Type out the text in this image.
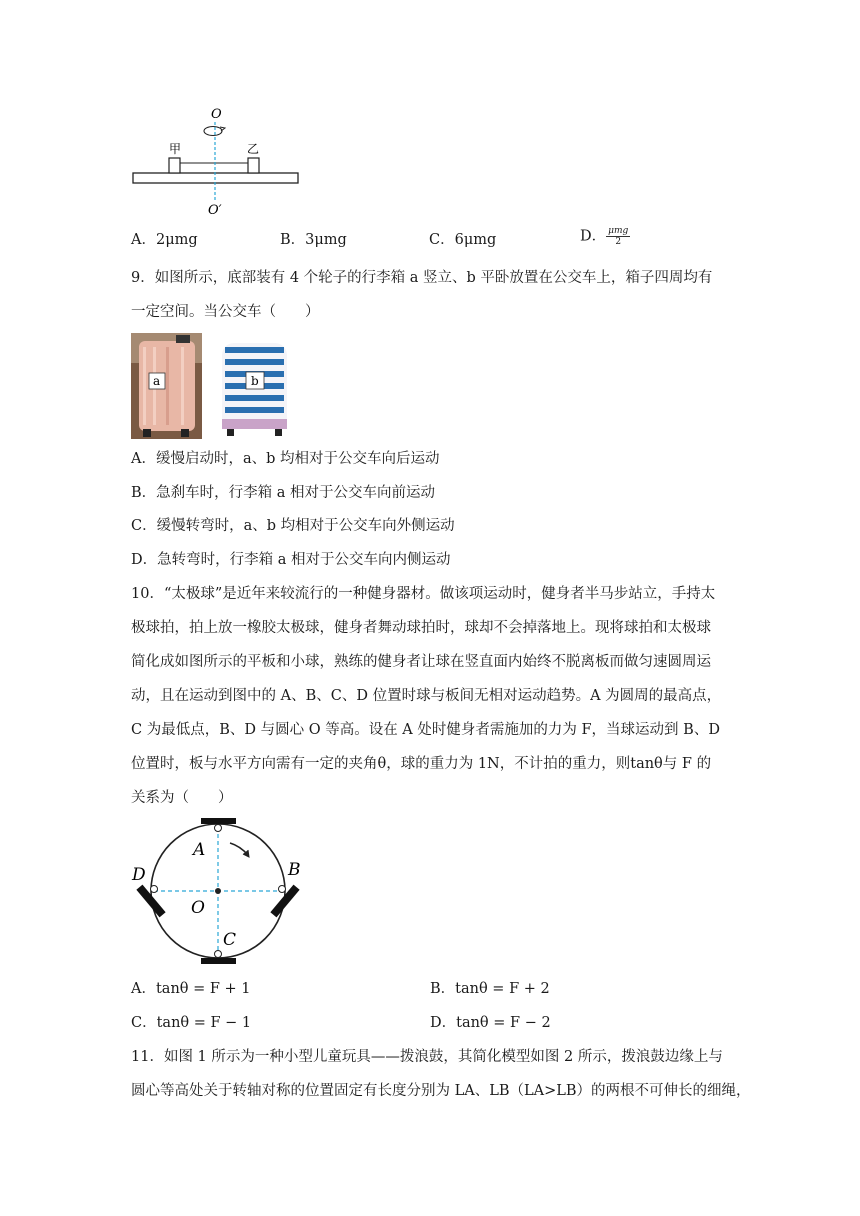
O
O′
甲	乙
A．2μmg	B．3μmg	C．6μmg	D． $\frac{\text{μmg}}{2}$
9．如图所示，底部装有 4 个轮子的行李箱 a 竖立、b 平卧放置在公交车上，箱子四周均有
一定空间。当公交车（　　）
a	b
A．缓慢启动时，a、b 均相对于公交车向后运动
B．急刹车时，行李箱 a 相对于公交车向前运动
C．缓慢转弯时，a、b 均相对于公交车向外侧运动
D．急转弯时，行李箱 a 相对于公交车向内侧运动
10．“太极球”是近年来较流行的一种健身器材。做该项运动时，健身者半马步站立，手持太
极球拍，拍上放一橡胶太极球，健身者舞动球拍时，球却不会掉落地上。现将球拍和太极球
简化成如图所示的平板和小球，熟练的健身者让球在竖直面内始终不脱离板而做匀速圆周运
动，且在运动到图中的 A、B、C、D 位置时球与板间无相对运动趋势。A 为圆周的最高点，
C 为最低点，B、D 与圆心 O 等高。设在 A 处时健身者需施加的力为 F，当球运动到 B、D
位置时，板与水平方向需有一定的夹角θ，球的重力为 1N，不计拍的重力，则tanθ与 F 的
关系为（　　）
A
B
C
D
O
A．tanθ = F + 1	B．tanθ = F + 2
C．tanθ = F − 1	D．tanθ = F − 2
11．如图 1 所示为一种小型儿童玩具——拨浪鼓，其简化模型如图 2 所示，拨浪鼓边缘上与
圆心等高处关于转轴对称的位置固定有长度分别为 LA、LB（LA>LB）的两根不可伸长的细绳，
